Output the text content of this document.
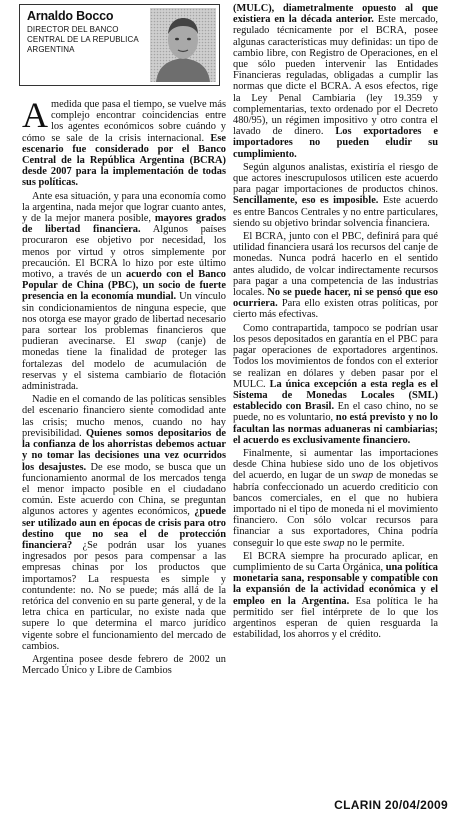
Arnaldo Bocco
DIRECTOR DEL BANCO
CENTRAL DE LA REPUBLICA
ARGENTINA

Amedida que pasa el tiempo, se vuelve más complejo encontrar coincidencias entre los agentes económicos sobre cuándo y cómo se sale de la crisis internacional. Ese escenario fue considerado por el Banco Central de la República Argentina (BCRA) desde 2007 para la implementación de todas sus políticas.

Ante esa situación, y para una economía como la argentina, nada mejor que lograr cuanto antes, y de la mejor manera posible, mayores grados de libertad financiera. Algunos países procuraron ese objetivo por necesidad, los menos por virtud y otros simplemente por precaución. El BCRA lo hizo por este último motivo, a través de un acuerdo con el Banco Popular de China (PBC), un socio de fuerte presencia en la economía mundial. Un vínculo sin condicionamientos de ninguna especie, que nos otorga ese mayor grado de libertad necesario para sortear los problemas financieros que pudieran avecinarse. El swap (canje) de monedas tiene la finalidad de proteger las fortalezas del modelo de acumulación de reservas y el sistema cambiario de flotación administrada.

Nadie en el comando de las políticas sensibles del escenario financiero siente comodidad ante las crisis; mucho menos, cuando no hay previsibilidad. Quienes somos depositarios de la confianza de los ahorristas debemos actuar y no tomar las decisiones una vez ocurridos los desajustes. De ese modo, se busca que un funcionamiento anormal de los mercados tenga el menor impacto posible en el ciudadano común. Este acuerdo con China, se preguntan algunos actores y agentes económicos, ¿puede ser utilizado aun en épocas de crisis para otro destino que no sea el de protección financiera? ¿Se podrán usar los yuanes ingresados por pesos para compensar a las empresas chinas por los productos que importamos? La respuesta es simple y contundente: no. No se puede; más allá de la retórica del convenio en su parte general, y de la letra chica en particular, no existe nada que supere lo que determina el marco jurídico vigente sobre el funcionamiento del mercado de cambios.

Argentina posee desde febrero de 2002 un Mercado Único y Libre de Cambios

(MULC), diametralmente opuesto al que existiera en la década anterior. Este mercado, regulado técnicamente por el BCRA, posee algunas características muy definidas: un tipo de cambio libre, con Registro de Operaciones, en el que sólo pueden intervenir las Entidades Financieras reguladas, obligadas a cumplir las normas que dicte el BCRA. A esos efectos, rige la Ley Penal Cambiaria (ley 19.359 y complementarias, texto ordenado por el Decreto 480/95), un régimen impositivo y otro contra el lavado de dinero. Los exportadores e importadores no pueden eludir su cumplimiento.

Según algunos analistas, existiría el riesgo de que actores inescrupulosos utilicen este acuerdo para pagar importaciones de productos chinos. Sencillamente, eso es imposible. Este acuerdo es entre Bancos Centrales y no entre particulares, siendo su objetivo brindar solvencia financiera.

El BCRA, junto con el PBC, definirá para qué utilidad financiera usará los recursos del canje de monedas. Nunca podrá hacerlo en el sentido antes aludido, de volcar indirectamente recursos para pagar a una competencia de las industrias locales. No se puede hacer, ni se pensó que eso ocurriera. Para ello existen otras políticas, por cierto más efectivas.

Como contrapartida, tampoco se podrían usar los pesos depositados en garantía en el PBC para pagar operaciones de exportadores argentinos. Todos los movimientos de fondos con el exterior se realizan en dólares y deben pasar por el MULC. La única excepción a esta regla es el Sistema de Monedas Locales (SML) establecido con Brasil. En el caso chino, no se puede, no es voluntario, no está previsto y no lo facultan las normas aduaneras ni cambiarias; el acuerdo es exclusivamente financiero.

Finalmente, si aumentar las importaciones desde China hubiese sido uno de los objetivos del acuerdo, en lugar de un swap de monedas se habría confeccionado un acuerdo crediticio con bancos comerciales, en el que no hubiera importado ni el tipo de moneda ni el movimiento financiero. Con sólo volcar recursos para financiar a sus exportadores, China podría conseguir lo que este swap no le permite.

El BCRA siempre ha procurado aplicar, en cumplimiento de su Carta Orgánica, una política monetaria sana, responsable y compatible con la expansión de la actividad económica y el empleo en la Argentina. Esa política le ha permitido ser fiel intérprete de lo que los argentinos esperan de quien resguarda la estabilidad, los ahorros y el crédito.

CLARIN 20/04/2009
